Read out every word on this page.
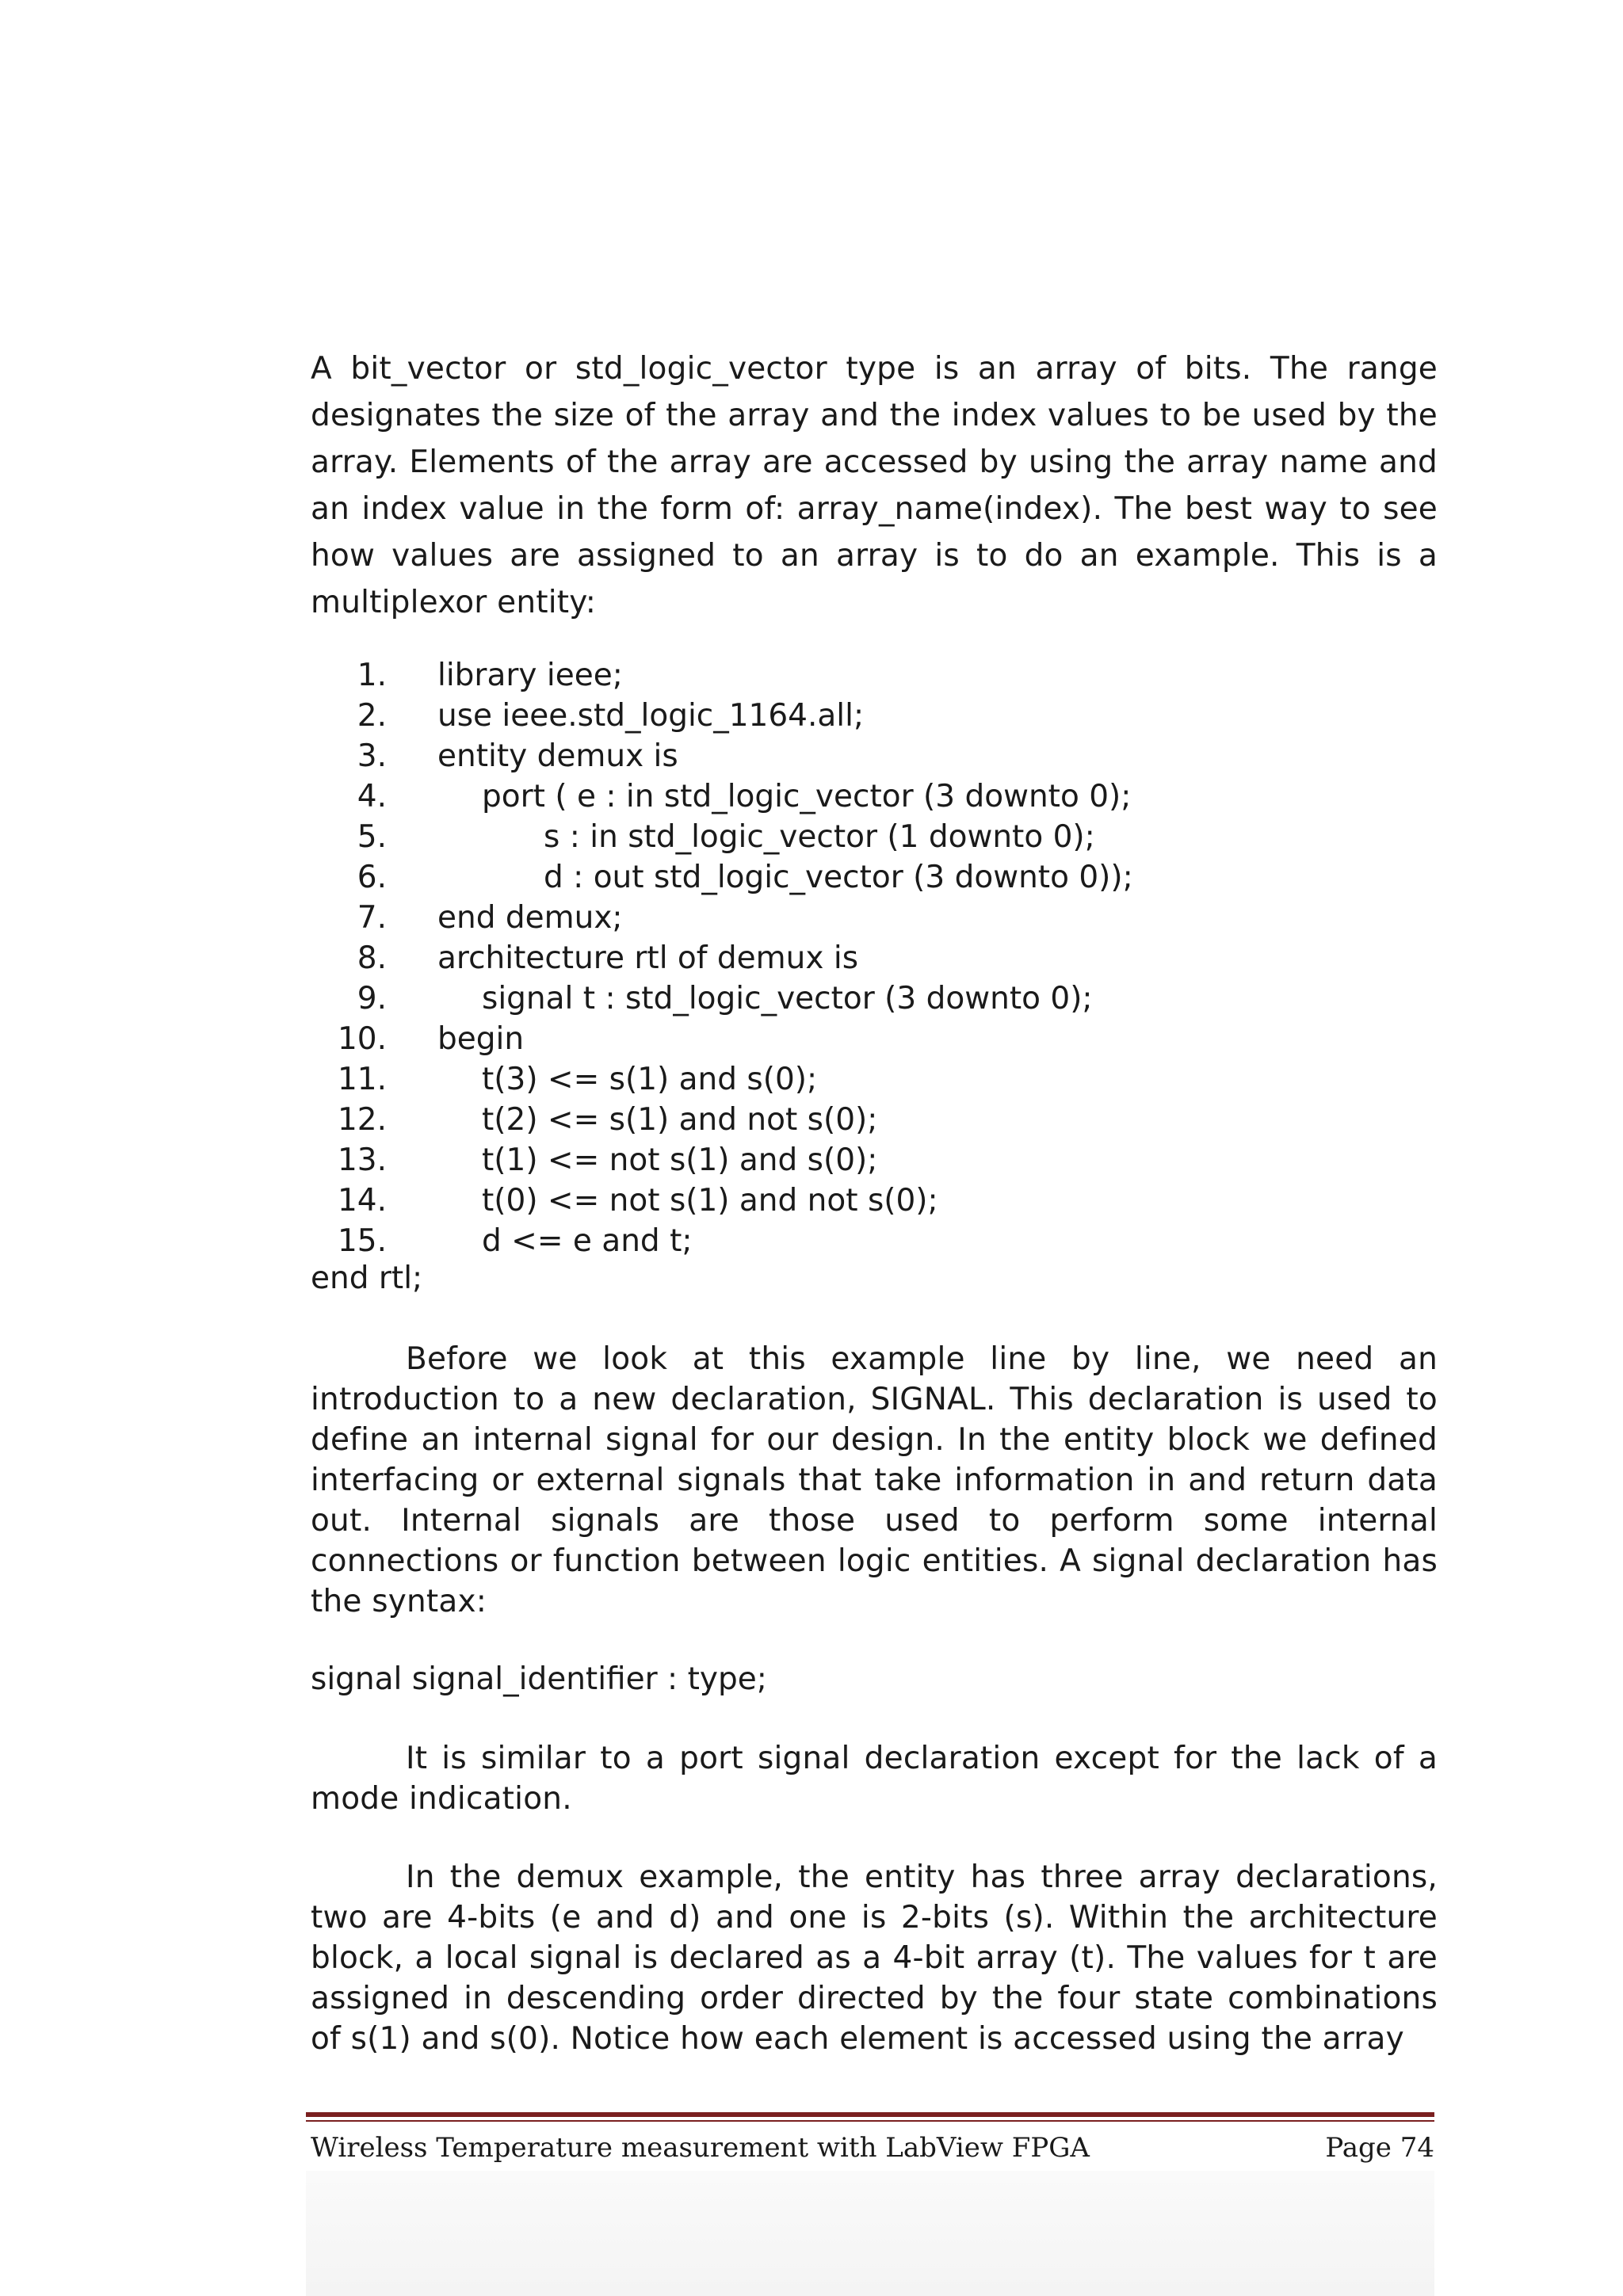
A bit_vector or std_logic_vector type is an array of bits. The range designates the size of the array and the index values to be used by the array. Elements of the array are accessed by using the array name and an index value in the form of: array_name(index). The best way to see how values are assigned to an array is to do an example. This is a multiplexor entity:

1. library ieee;
2. use ieee.std_logic_1164.all;
3. entity demux is
4.	port ( e : in std_logic_vector (3 downto 0);
5.	s : in std_logic_vector (1 downto 0);
6.	d : out std_logic_vector (3 downto 0));
7. end demux;
8. architecture rtl of demux is
9.	signal t : std_logic_vector (3 downto 0);
10. begin
11.	t(3) <= s(1) and s(0);
12.	t(2) <= s(1) and not s(0);
13.	t(1) <= not s(1) and s(0);
14.	t(0) <= not s(1) and not s(0);
15.	d <= e and t;

end rtl;

Before we look at this example line by line, we need an introduction to a new declaration, SIGNAL. This declaration is used to define an internal signal for our design. In the entity block we defined interfacing or external signals that take information in and return data out. Internal signals are those used to perform some internal connections or function between logic entities. A signal declaration has the syntax:

signal signal_identifier : type;

It is similar to a port signal declaration except for the lack of a mode indication.

In the demux example, the entity has three array declarations, two are 4-bits (e and d) and one is 2-bits (s). Within the architecture block, a local signal is declared as a 4-bit array (t). The values for t are assigned in descending order directed by the four state combinations of s(1) and s(0). Notice how each element is accessed using the array

Wireless Temperature measurement with LabView FPGA	Page 74
